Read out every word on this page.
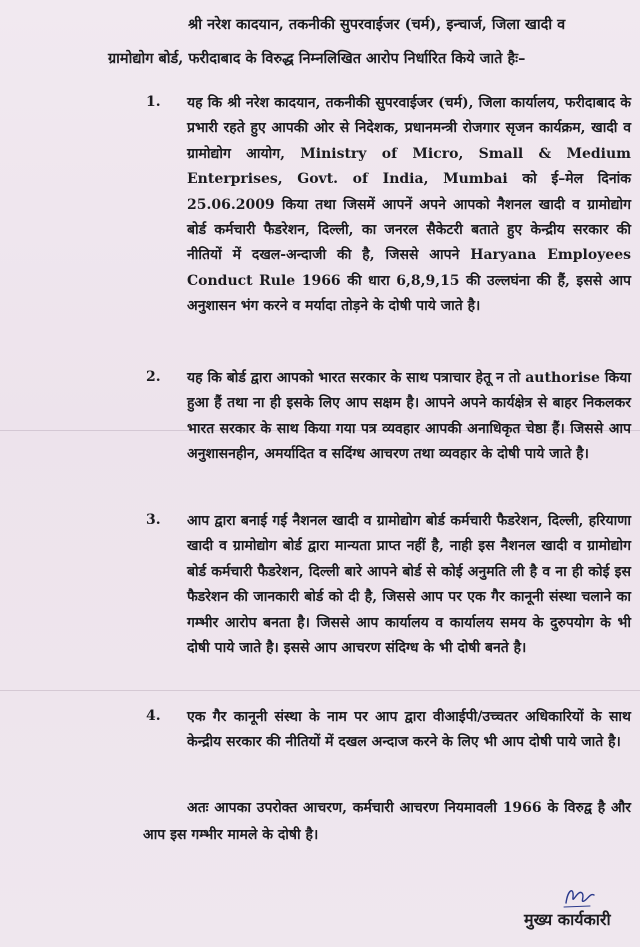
श्री नरेश कादयान, तकनीकी सुपरवाईजर (चर्म), इन्चार्ज, जिला खादी व
ग्रामोद्योग बोर्ड, फरीदाबाद के विरुद्ध निम्नलिखित आरोप निर्धारित किये जाते हैः–
1. यह कि श्री नरेश कादयान, तकनीकी सुपरवाईजर (चर्म), जिला कार्यालय, फरीदाबाद के प्रभारी रहते हुए आपकी ओर से निदेशक, प्रधानमन्त्री रोजगार सृजन कार्यक्रम, खादी व ग्रामोद्योग आयोग, Ministry of Micro, Small & Medium Enterprises, Govt. of India, Mumbai को ई–मेल दिनांक 25.06.2009 किया तथा जिसमें आपनें अपने आपको नैशनल खादी व ग्रामोद्योग बोर्ड कर्मचारी फैडरेशन, दिल्ली, का जनरल सैकेटरी बताते हुए केन्द्रीय सरकार की नीतियों में दखल-अन्दाजी की है, जिससे आपने Haryana Employees Conduct Rule 1966 की धारा 6,8,9,15 की उल्लघंना की हैं, इससे आप अनुशासन भंग करने व मर्यादा तोड़ने के दोषी पाये जाते है।
2. यह कि बोर्ड द्वारा आपको भारत सरकार के साथ पत्राचार हेतू न तो authorise किया हुआ हैं तथा ना ही इसके लिए आप सक्षम है। आपने अपने कार्यक्षेत्र से बाहर निकलकर भारत सरकार के साथ किया गया पत्र व्यवहार आपकी अनाधिकृत चेष्ठा हैं। जिससे आप अनुशासनहीन, अमर्यादित व सदिंग्ध आचरण तथा व्यवहार के दोषी पाये जाते है।
3. आप द्वारा बनाई गई नैशनल खादी व ग्रामोद्योग बोर्ड कर्मचारी फैडरेशन, दिल्ली, हरियाणा खादी व ग्रामोद्योग बोर्ड द्वारा मान्यता प्राप्त नहीं है, नाही इस नैशनल खादी व ग्रामोद्योग बोर्ड कर्मचारी फैडरेशन, दिल्ली बारे आपने बोर्ड से कोई अनुमति ली है व ना ही कोई इस फैडरेशन की जानकारी बोर्ड को दी है, जिससे आप पर एक गैर कानूनी संस्था चलाने का गम्भीर आरोप बनता है। जिससे आप कार्यालय व कार्यालय समय के दुरुपयोग के भी दोषी पाये जाते है। इससे आप आचरण संदिग्ध के भी दोषी बनते है।
4. एक गैर कानूनी संस्था के नाम पर आप द्वारा वीआईपी/उच्चतर अधिकारियों के साथ केन्द्रीय सरकार की नीतियों में दखल अन्दाज करने के लिए भी आप दोषी पाये जाते है।
अतः आपका उपरोक्त आचरण, कर्मचारी आचरण नियमावली 1966 के विरुद्व है और आप इस गम्भीर मामले के दोषी है।
मुख्य कार्यकारी
